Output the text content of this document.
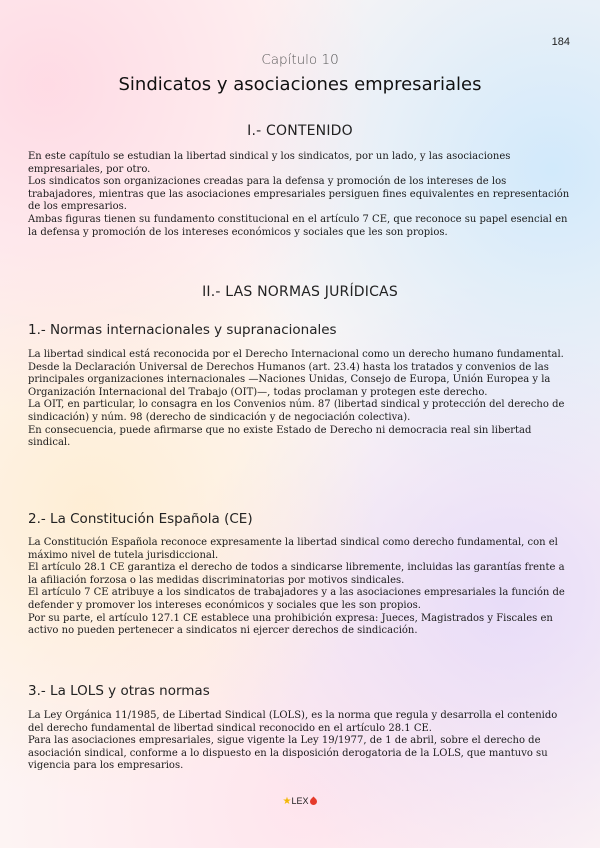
184
Capítulo 10
Sindicatos y asociaciones empresariales
I.- CONTENIDO

En este capítulo se estudian la libertad sindical y los sindicatos, por un lado, y las asociaciones empresariales, por otro.

Los sindicatos son organizaciones creadas para la defensa y promoción de los intereses de los trabajadores, mientras que las asociaciones empresariales persiguen fines equivalentes en representación de los empresarios.

Ambas figuras tienen su fundamento constitucional en el artículo 7 CE, que reconoce su papel esencial en la defensa y promoción de los intereses económicos y sociales que les son propios.

II.- LAS NORMAS JURÍDICAS
1.- Normas internacionales y supranacionales

La libertad sindical está reconocida por el Derecho Internacional como un derecho humano fundamental.

Desde la Declaración Universal de Derechos Humanos (art. 23.4) hasta los tratados y convenios de las principales organizaciones internacionales —Naciones Unidas, Consejo de Europa, Unión Europea y la Organización Internacional del Trabajo (OIT)—, todas proclaman y protegen este derecho.

La OIT, en particular, lo consagra en los Convenios núm. 87 (libertad sindical y protección del derecho de sindicación) y núm. 98 (derecho de sindicación y de negociación colectiva).

En consecuencia, puede afirmarse que no existe Estado de Derecho ni democracia real sin libertad sindical.

2.- La Constitución Española (CE)

La Constitución Española reconoce expresamente la libertad sindical como derecho fundamental, con el máximo nivel de tutela jurisdiccional.

El artículo 28.1 CE garantiza el derecho de todos a sindicarse libremente, incluidas las garantías frente a la afiliación forzosa o las medidas discriminatorias por motivos sindicales.

El artículo 7 CE atribuye a los sindicatos de trabajadores y a las asociaciones empresariales la función de defender y promover los intereses económicos y sociales que les son propios.

Por su parte, el artículo 127.1 CE establece una prohibición expresa: Jueces, Magistrados y Fiscales en activo no pueden pertenecer a sindicatos ni ejercer derechos de sindicación.

3.- La LOLS y otras normas

La Ley Orgánica 11/1985, de Libertad Sindical (LOLS), es la norma que regula y desarrolla el contenido del derecho fundamental de libertad sindical reconocido en el artículo 28.1 CE.

Para las asociaciones empresariales, sigue vigente la Ley 19/1977, de 1 de abril, sobre el derecho de asociación sindical, conforme a lo dispuesto en la disposición derogatoria de la LOLS, que mantuvo su vigencia para los empresarios.

★LEX
